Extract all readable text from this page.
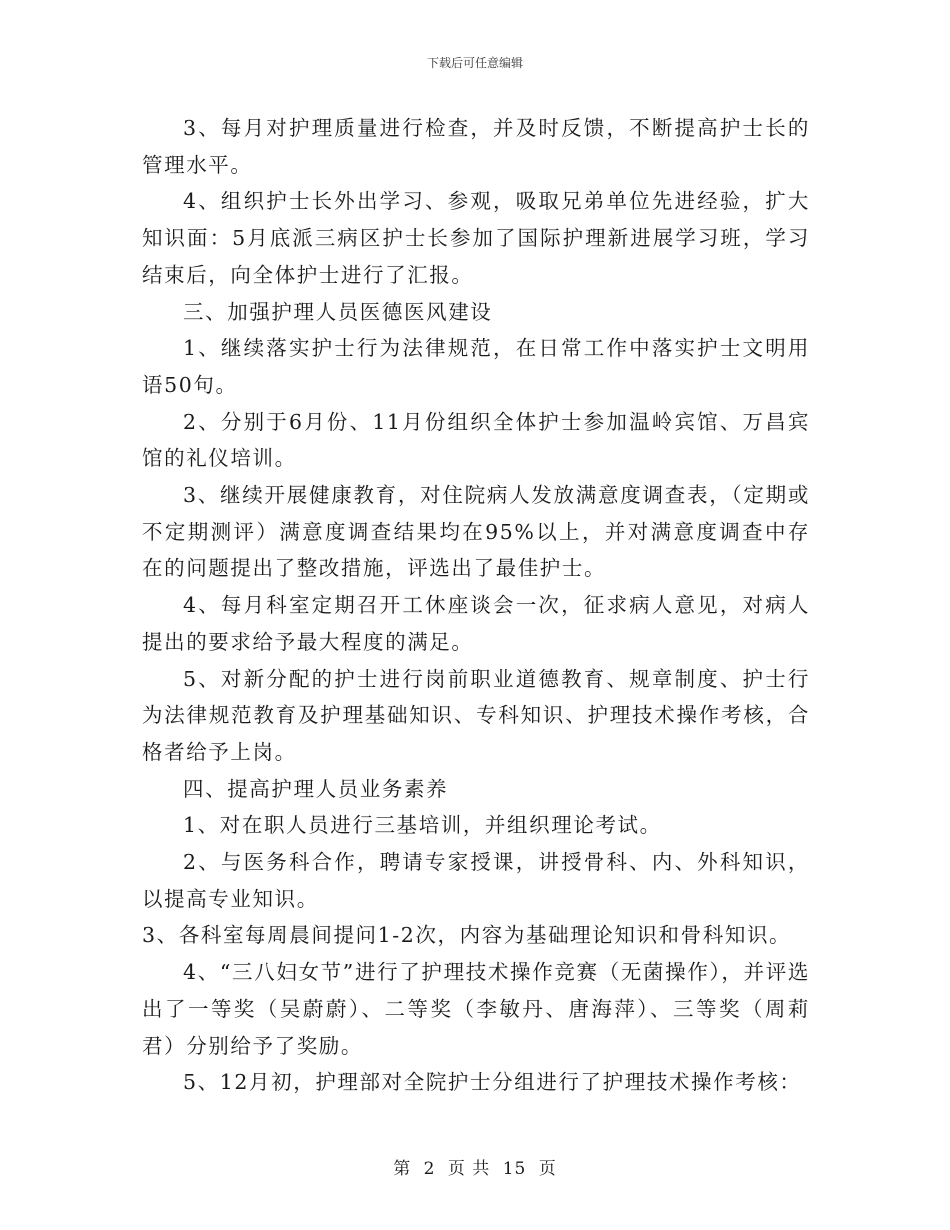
下载后可任意编辑

3、每月对护理质量进行检查，并及时反馈，不断提高护士长的管理水平。

4、组织护士长外出学习、参观，吸取兄弟单位先进经验，扩大知识面：5月底派三病区护士长参加了国际护理新进展学习班，学习结束后，向全体护士进行了汇报。

三、加强护理人员医德医风建设

1、继续落实护士行为法律规范，在日常工作中落实护士文明用语50句。

2、分别于6月份、11月份组织全体护士参加温岭宾馆、万昌宾馆的礼仪培训。

3、继续开展健康教育，对住院病人发放满意度调查表，（定期或不定期测评）满意度调查结果均在95%以上，并对满意度调查中存在的问题提出了整改措施，评选出了最佳护士。

4、每月科室定期召开工休座谈会一次，征求病人意见，对病人提出的要求给予最大程度的满足。

5、对新分配的护士进行岗前职业道德教育、规章制度、护士行为法律规范教育及护理基础知识、专科知识、护理技术操作考核，合格者给予上岗。

四、提高护理人员业务素养

1、对在职人员进行三基培训，并组织理论考试。

2、与医务科合作，聘请专家授课，讲授骨科、内、外科知识，以提高专业知识。

3、各科室每周晨间提问1-2次，内容为基础理论知识和骨科知识。

4、“三八妇女节”进行了护理技术操作竞赛（无菌操作），并评选出了一等奖（吴蔚蔚）、二等奖（李敏丹、唐海萍）、三等奖（周莉君）分别给予了奖励。

5、12月初，护理部对全院护士分组进行了护理技术操作考核：

第 2 页 共 15 页
